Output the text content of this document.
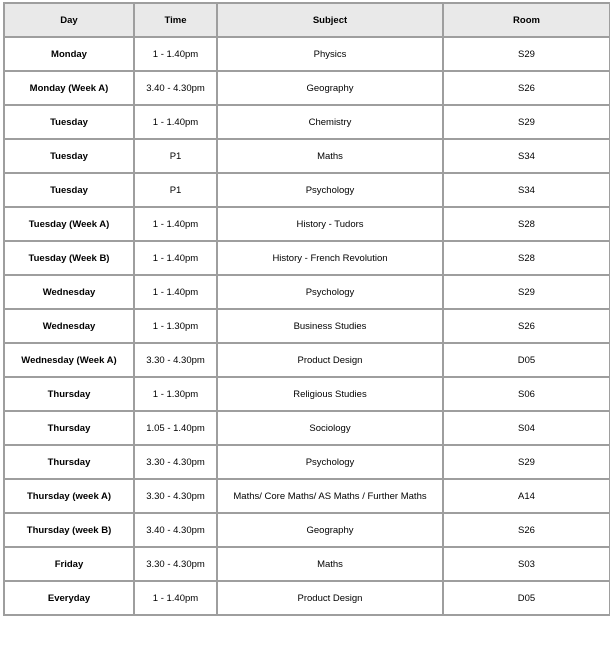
Day	Time	Subject	Room
Monday	1 - 1.40pm	Physics	S29
Monday (Week A)	3.40 - 4.30pm	Geography	S26
Tuesday	1 - 1.40pm	Chemistry	S29
Tuesday	P1	Maths	S34
Tuesday	P1	Psychology	S34
Tuesday (Week A)	1 - 1.40pm	History - Tudors	S28
Tuesday (Week B)	1 - 1.40pm	History - French Revolution	S28
Wednesday	1 - 1.40pm	Psychology	S29
Wednesday	1 - 1.30pm	Business Studies	S26
Wednesday (Week A)	3.30 - 4.30pm	Product Design	D05
Thursday	1 - 1.30pm	Religious Studies	S06
Thursday	1.05 - 1.40pm	Sociology	S04
Thursday	3.30 - 4.30pm	Psychology	S29
Thursday (week A)	3.30 - 4.30pm	Maths/ Core Maths/ AS Maths / Further Maths	A14
Thursday (week B)	3.40 - 4.30pm	Geography	S26
Friday	3.30 - 4.30pm	Maths	S03
Everyday	1 - 1.40pm	Product Design	D05
